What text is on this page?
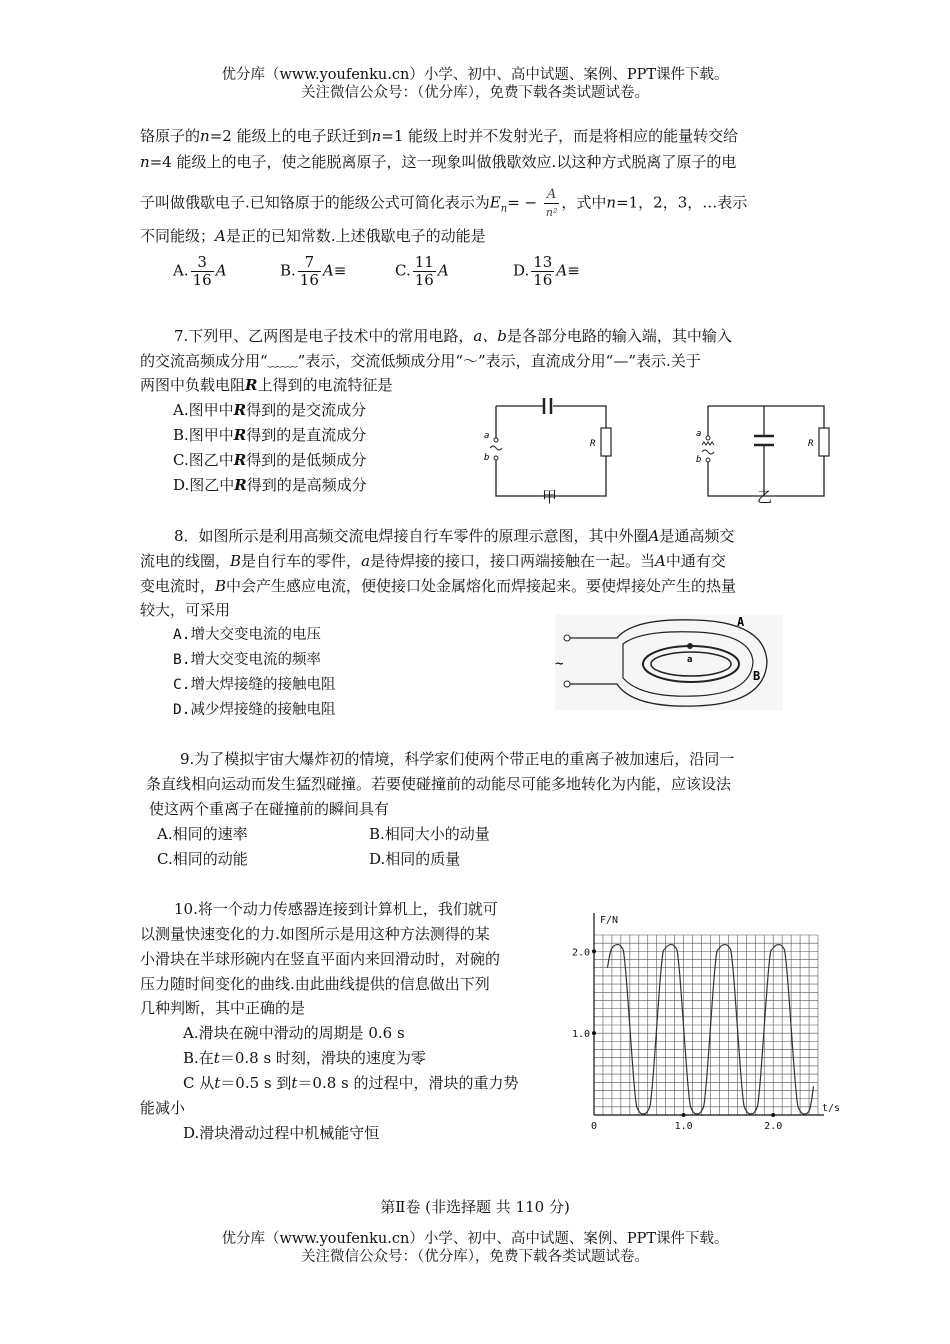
优分库（www.youfenku.cn）小学、初中、高中试题、案例、PPT课件下载。
关注微信公众号：（优分库），免费下载各类试题试卷。
铬原子的n=2 能级上的电子跃迁到n=1 能级上时并不发射光子，而是将相应的能量转交给
n=4 能级上的电子，使之能脱离原子，这一现象叫做俄歇效应.以这种方式脱离了原子的电
子叫做俄歇电子.已知铬原于的能级公式可简化表示为$E_n= - \frac{A}{\text{n²}}$ ，式中n=1，2，3，…表示
不同能级；A是正的已知常数.上述俄歇电子的动能是
A. $\frac{3}{16}$ A	B. $\frac{7}{16} A\equiv$	C. $\frac{11}{16}$ A	D. $\frac{13}{16} A\equiv$
7.下列甲、乙两图是电子技术中的常用电路，a、b是各部分电路的输入端，其中输入
的交流高频成分用“﹏﹏”表示，交流低频成分用“～”表示，直流成分用“—”表示.关于
两图中负载电阻R上得到的电流特征是
A.图甲中R得到的是交流成分
B.图甲中R得到的是直流成分
C.图乙中R得到的是低频成分
D.图乙中R得到的是高频成分
R
a
b
甲
R
a
b
乙
8．如图所示是利用高频交流电焊接自行车零件的原理示意图，其中外圈A是通高频交
流电的线圈，B是自行车的零件，a是待焊接的接口，接口两端接触在一起。当A中通有交
变电流时，B中会产生感应电流，便使接口处金属熔化而焊接起来。要使焊接处产生的热量
较大，可采用
A.增大交变电流的电压
B.增大交变电流的频率
C.增大焊接缝的接触电阻
D.减少焊接缝的接触电阻
A
B
a
~
9.为了模拟宇宙大爆炸初的情境，科学家们使两个带正电的重离子被加速后，沿同一
条直线相向运动而发生猛烈碰撞。若要使碰撞前的动能尽可能多地转化为内能，应该设法
使这两个重离子在碰撞前的瞬间具有
A.相同的速率	B.相同大小的动量
C.相同的动能	D.相同的质量
10.将一个动力传感器连接到计算机上，我们就可
以测量快速变化的力.如图所示是用这种方法测得的某
小滑块在半球形碗内在竖直平面内来回滑动时，对碗的
压力随时间变化的曲线.由此曲线提供的信息做出下列
几种判断，其中正确的是
A.滑块在碗中滑动的周期是 0.6 s
B.在t＝0.8 s 时刻，滑块的速度为零
C 从t＝0.5 s 到t＝0.8 s 的过程中，滑块的重力势
能减小
D.滑块滑动过程中机械能守恒
F/N
t/s
1.0
2.0
0	1.0	2.0
第Ⅱ卷 (非选择题 共 110 分)
优分库（www.youfenku.cn）小学、初中、高中试题、案例、PPT课件下载。
关注微信公众号：（优分库），免费下载各类试题试卷。
